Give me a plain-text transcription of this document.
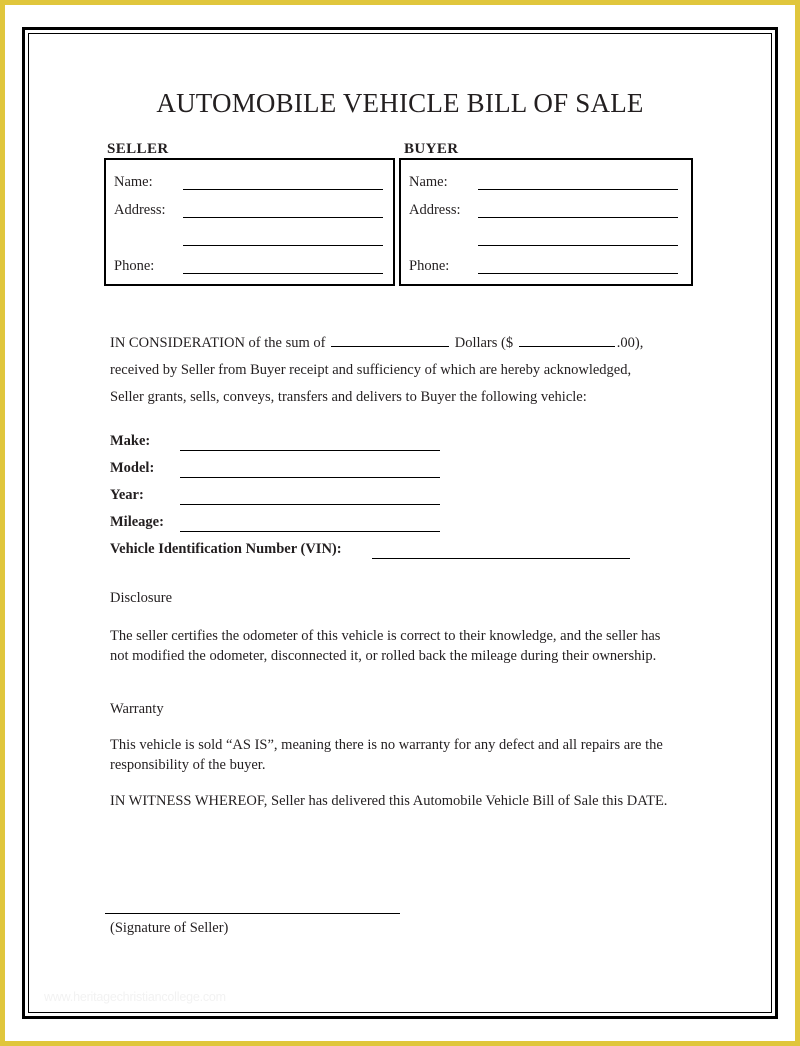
AUTOMOBILE VEHICLE BILL OF SALE
SELLER	BUYER
Name:
Address:
Phone:
Name:
Address:
Phone:
IN CONSIDERATION of the sum of	Dollars ($	.00),
received by Seller from Buyer receipt and sufficiency of which are hereby acknowledged,
Seller grants, sells, conveys, transfers and delivers to Buyer the following vehicle:
Make:
Model:
Year:
Mileage:
Vehicle Identification Number (VIN):
Disclosure
The seller certifies the odometer of this vehicle is correct to their knowledge, and the seller has not modified the odometer, disconnected it, or rolled back the mileage during their ownership.
Warranty
This vehicle is sold “AS IS”, meaning there is no warranty for any defect and all repairs are the responsibility of the buyer.
IN WITNESS WHEREOF, Seller has delivered this Automobile Vehicle Bill of Sale this DATE.
(Signature of Seller)
www.heritagechristiancollege.com
